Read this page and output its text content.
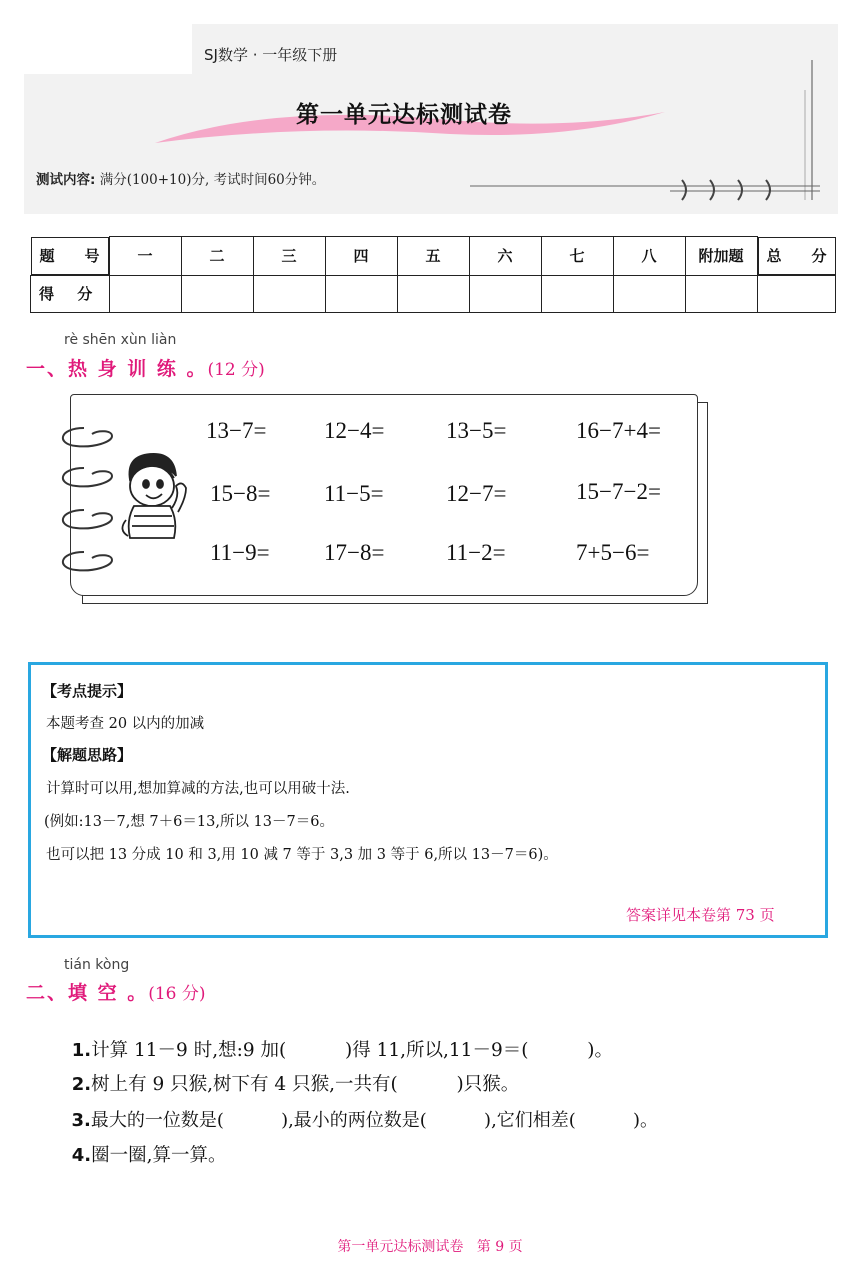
SJ数学 · 一年级下册
第一单元达标测试卷
测试内容: 满分(100+10)分, 考试时间60分钟。
题 号	一	二	三	四	五	六	七	八	附加题	总 分

得 分										
rè shēn xùn liàn
一、热 身 训 练 。(12 分)
13−7=	12−4=	13−5=	16−7+4=
15−8= 11−5=	12−7=	15−7−2=
11−9= 17−8=	11−2=	7+5−6=
【考点提示】
本题考查 20 以内的加减
【解题思路】
计算时可以用,想加算减的方法,也可以用破十法.
(例如:13－7,想 7＋6＝13,所以 13－7＝6。
也可以把 13 分成 10 和 3,用 10 减 7 等于 3,3 加 3 等于 6,所以 13－7＝6)。
答案详见本卷第 73 页
tián kòng
二、填 空 。(16 分)

1.计算 11－9 时,想:9 加(          )得 11,所以,11－9＝(          )。

2.树上有 9 只猴,树下有 4 只猴,一共有(          )只猴。

3.最大的一位数是(          ),最小的两位数是(          ),它们相差(          )。

4.圈一圈,算一算。

第一单元达标测试卷   第 9 页
